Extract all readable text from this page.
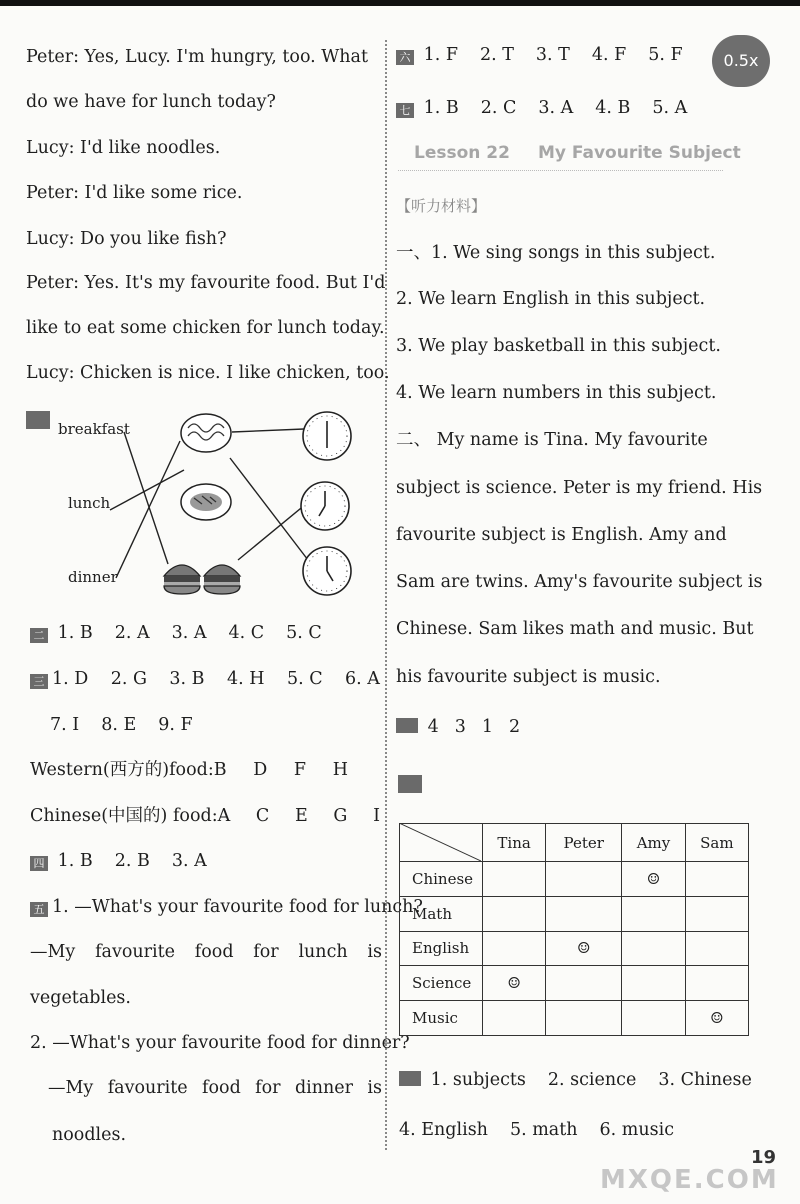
0.5x
Peter: Yes, Lucy. I'm hungry, too. What
do we have for lunch today?
Lucy: I'd like noodles.
Peter: I'd like some rice.
Lucy: Do you like fish?
Peter: Yes. It's my favourite food. But I'd
like to eat some chicken for lunch today.
Lucy: Chicken is nice. I like chicken, too.
breakfast
lunch
dinner
二 1. B 2. A 3. A 4. C 5. C
三 1. D 2. G 3. B 4. H 5. C 6. A
7. I 8. E 9. F
Western(西方的)food:B D F H
Chinese(中国的) food:A C E G I
四 1. B 2. B 3. A
五 1. —What's your favourite food for lunch?
—My favourite food for lunch is
vegetables.
2. —What's your favourite food for dinner?
—My favourite food for dinner is
noodles.
六 1. F 2. T 3. T 4. F 5. F
七 1. B 2. C 3. A 4. B 5. A
Lesson 22 My Favourite Subject
【听力材料】
一、1. We sing songs in this subject.
2. We learn English in this subject.
3. We play basketball in this subject.
4. We learn numbers in this subject.
二、 My name is Tina. My favourite
subject is science. Peter is my friend. His
favourite subject is English. Amy and
Sam are twins. Amy's favourite subject is
Chinese. Sam likes math and music. But
his favourite subject is music.
4 3 1 2
	Tina	Peter	Amy	Sam
Chinese			☺	
Math				
English		☺		
Science	☺			
Music				☺
1. subjects 2. science 3. Chinese
4. English 5. math 6. music
MXQE.COM
19
